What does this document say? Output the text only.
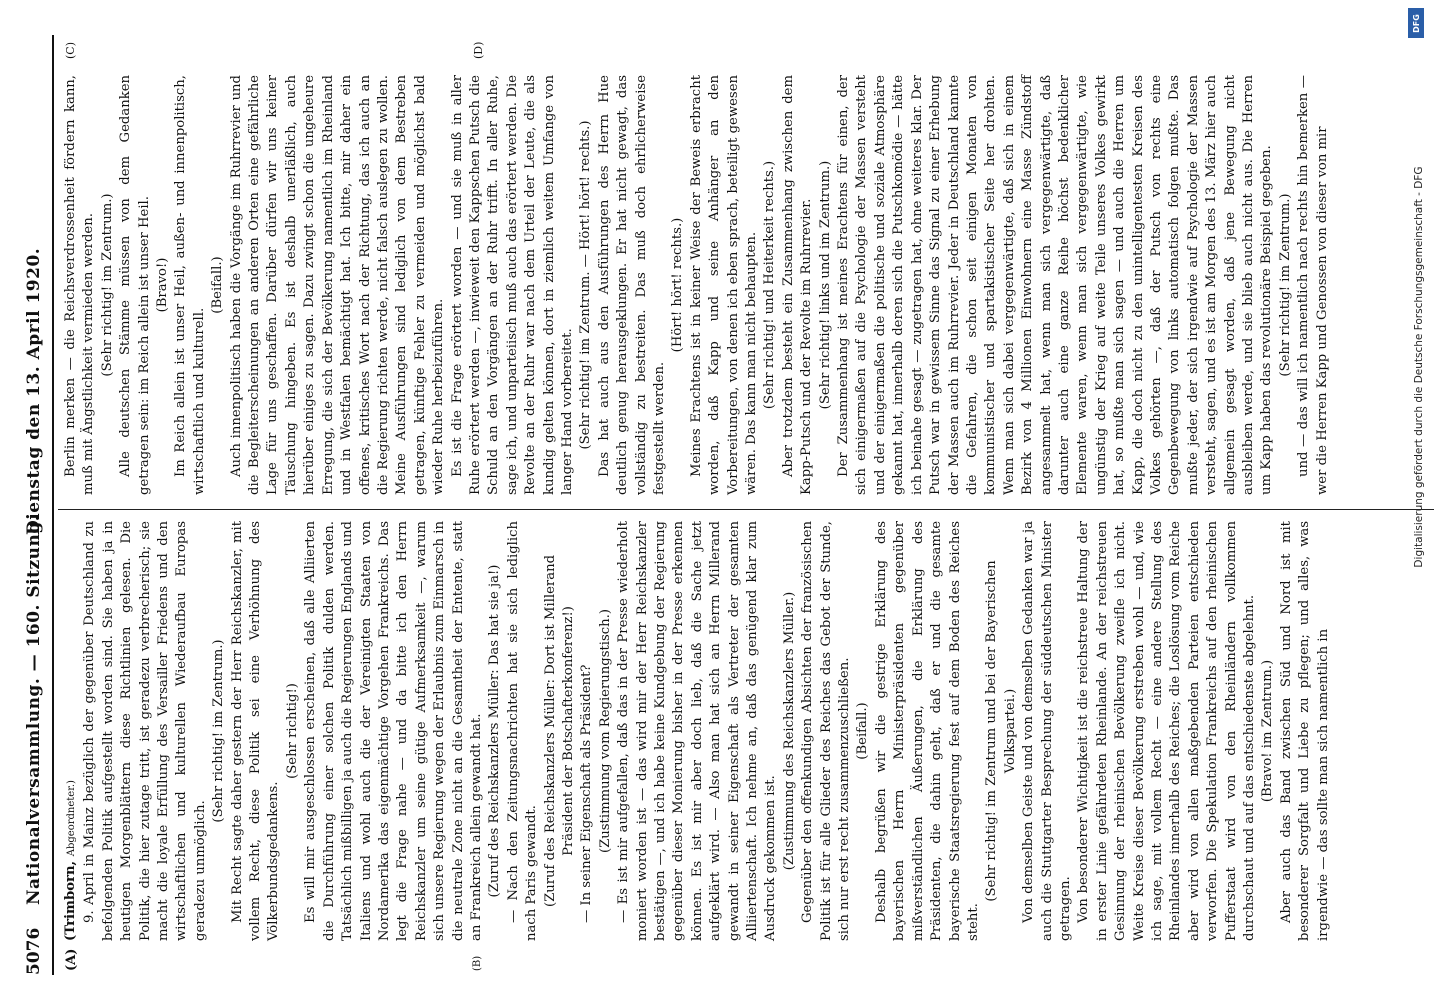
5076
Nationalversammlung. — 160. Sitzung.
Dienstag den 13. April 1920.
(A)	(B)
(C)	(D)

(Trimborn, Abgeordneter.) 9. April in Mainz bezüglich der gegenüber Deutschland zu befolgenden Politik aufgestellt worden sind. Sie haben ja in heutigen Morgenblättern diese Richtlinien gelesen. Die Politik, die hier zutage tritt, ist geradezu verbrecherisch; sie macht die loyale Erfüllung des Versailler Friedens und den wirtschaftlichen und kulturellen Wiederaufbau Europas geradezu unmöglich.

(Sehr richtig! im Zentrum.) Mit Recht sagte daher gestern der Herr Reichskanzler, mit vollem Recht, diese Politik sei eine Verhöhnung des Völkerbundsgedankens.

(Sehr richtig!) Es will mir ausgeschlossen erscheinen, daß alle Alliierten die Durchführung einer solchen Politik dulden werden. Tatsächlich mißbilligen ja auch die Regierungen Englands und Italiens und wohl auch die der Vereinigten Staaten von Nordamerika das eigenmächtige Vorgehen Frankreichs. Das legt die Frage nahe — und da bitte ich den Herrn Reichskanzler um seine gütige Aufmerksamkeit —, warum sich unsere Regierung wegen der Erlaubnis zum Einmarsch in die neutrale Zone nicht an die Gesamtheit der Entente, statt an Frankreich allein gewandt hat. (Zuruf des Reichskanzlers Müller: Das hat sie ja!) — Nach den Zeitungsnachrichten hat sie sich lediglich nach Paris gewandt. (Zuruf des Reichskanzlers Müller: Dort ist Millerand Präsident der Botschafterkonferenz!) — In seiner Eigenschaft als Präsident? (Zustimmung vom Regierungstisch.) — Es ist mir aufgefallen, daß das in der Presse wiederholt moniert worden ist — das wird mir der Herr Reichskanzler bestätigen —, und ich habe keine Kundgebung der Regierung gegenüber dieser Monierung bisher in der Presse erkennen können. Es ist mir aber doch lieb, daß die Sache jetzt aufgeklärt wird. — Also man hat sich an Herrn Millerand gewandt in seiner Eigenschaft als Vertreter der gesamten Alliiertenschaft. Ich nehme an, daß das genügend klar zum Ausdruck gekommen ist. (Zustimmung des Reichskanzlers Müller.) Gegenüber den offenkundigen Absichten der französischen Politik ist für alle Glieder des Reiches das Gebot der Stunde, sich nur erst recht zusammenzuschließen. (Beifall.) Deshalb begrüßen wir die gestrige Erklärung des bayerischen Herrn Ministerpräsidenten gegenüber mißverständlichen Äußerungen, die Erklärung des Präsidenten, die dahin geht, daß er und die gesamte bayerische Staatsregierung fest auf dem Boden des Reiches steht.

(Sehr richtig! im Zentrum und bei der Bayerischen Volkspartei.) Von demselben Geiste und von demselben Gedanken war ja auch die Stuttgarter Besprechung der süddeutschen Minister getragen. Von besonderer Wichtigkeit ist die reichstreue Haltung der in erster Linie gefährdeten Rheinlande. An der reichstreuen Gesinnung der rheinischen Bevölkerung zweifle ich nicht. Weite Kreise dieser Bevölkerung erstreben wohl — und, wie ich sage, mit vollem Recht — eine andere Stellung des Rheinlandes innerhalb des Reiches; die Loslösung vom Reiche aber wird von allen maßgebenden Parteien entschieden verworfen. Die Spekulation Frankreichs auf den rheinischen Pufferstaat wird von den Rheinländern vollkommen durchschaut und auf das entschiedenste abgelehnt. (Bravo! im Zentrum.) Aber auch das Band zwischen Süd und Nord ist mit besonderer Sorgfalt und Liebe zu pflegen; und alles, was irgendwie — das sollte man sich namentlich in

Berlin merken — die Reichsverdrossenheit fördern kann, muß mit Ängstlichkeit vermieden werden. (Sehr richtig! im Zentrum.) Alle deutschen Stämme müssen von dem Gedanken getragen sein: im Reich allein ist unser Heil. (Bravo!) Im Reich allein ist unser Heil, außen- und innenpolitisch, wirtschaftlich und kulturell.

(Beifall.) Auch innenpolitisch haben die Vorgänge im Ruhrrevier und die Begleiterscheinungen an anderen Orten eine gefährliche Lage für uns geschaffen. Darüber dürfen wir uns keiner Täuschung hingeben. Es ist deshalb unerläßlich, auch hierüber einiges zu sagen. Dazu zwingt schon die ungeheure Erregung, die sich der Bevölkerung namentlich im Rheinland und in Westfalen bemächtigt hat. Ich bitte, mir daher ein offenes, kritisches Wort nach der Richtung, das ich auch an die Regierung richten werde, nicht falsch auslegen zu wollen. Meine Ausführungen sind lediglich von dem Bestreben getragen, künftige Fehler zu vermeiden und möglichst bald wieder Ruhe herbeizuführen. Es ist die Frage erörtert worden — und sie muß in aller Ruhe erörtert werden —, inwieweit den Kappschen Putsch die Schuld an den Vorgängen an der Ruhr trifft. In aller Ruhe, sage ich, und unparteiisch muß auch das erörtert werden. Die Revolte an der Ruhr war nach dem Urteil der Leute, die als kundig gelten können, dort in ziemlich weitem Umfange von langer Hand vorbereitet. (Sehr richtig! im Zentrum. — Hört! hört! rechts.) Das hat auch aus den Ausführungen des Herrn Hue deutlich genug herausgeklungen. Er hat nicht gewagt, das vollständig zu bestreiten. Das muß doch ehrlicherweise festgestellt werden.

(Hört! hört! rechts.) Meines Erachtens ist in keiner Weise der Beweis erbracht worden, daß Kapp und seine Anhänger an den Vorbereitungen, von denen ich eben sprach, beteiligt gewesen wären. Das kann man nicht behaupten. (Sehr richtig! und Heiterkeit rechts.) Aber trotzdem besteht ein Zusammenhang zwischen dem Kapp-Putsch und der Revolte im Ruhrrevier. (Sehr richtig! links und im Zentrum.) Der Zusammenhang ist meines Erachtens für einen, der sich einigermaßen auf die Psychologie der Massen versteht und der einigermaßen die politische und soziale Atmosphäre gekannt hat, innerhalb deren sich die Putschkomödie — hätte ich beinahe gesagt — zugetragen hat, ohne weiteres klar. Der Putsch war in gewissem Sinne das Signal zu einer Erhebung der Massen auch im Ruhrrevier. Jeder in Deutschland kannte die Gefahren, die schon seit einigen Monaten von kommunistischer und spartakistischer Seite her drohten. Wenn man sich dabei vergegenwärtigte, daß sich in einem Bezirk von 4 Millionen Einwohnern eine Masse Zündstoff angesammelt hat, wenn man sich vergegenwärtigte, daß darunter auch eine ganze Reihe höchst bedenklicher Elemente waren, wenn man sich vergegenwärtigte, wie ungünstig der Krieg auf weite Teile unseres Volkes gewirkt hat, so mußte man sich sagen — und auch die Herren um Kapp, die doch nicht zu den unintelligentesten Kreisen des Volkes gehörten —, daß der Putsch von rechts eine Gegenbewegung von links automatisch folgen mußte. Das mußte jeder, der sich irgendwie auf Psychologie der Massen versteht, sagen, und es ist am Morgen des 13. März hier auch allgemein gesagt worden, daß jene Bewegung nicht ausbleiben werde, und sie blieb auch nicht aus. Die Herren um Kapp haben das revolutionäre Beispiel gegeben. (Sehr richtig! im Zentrum.) und — das will ich namentlich nach rechts hin bemerken — wer die Herren Kapp und Genossen von dieser von mir

DFG
Digitalisierung gefördert durch die Deutsche Forschungsgemeinschaft - DFG
